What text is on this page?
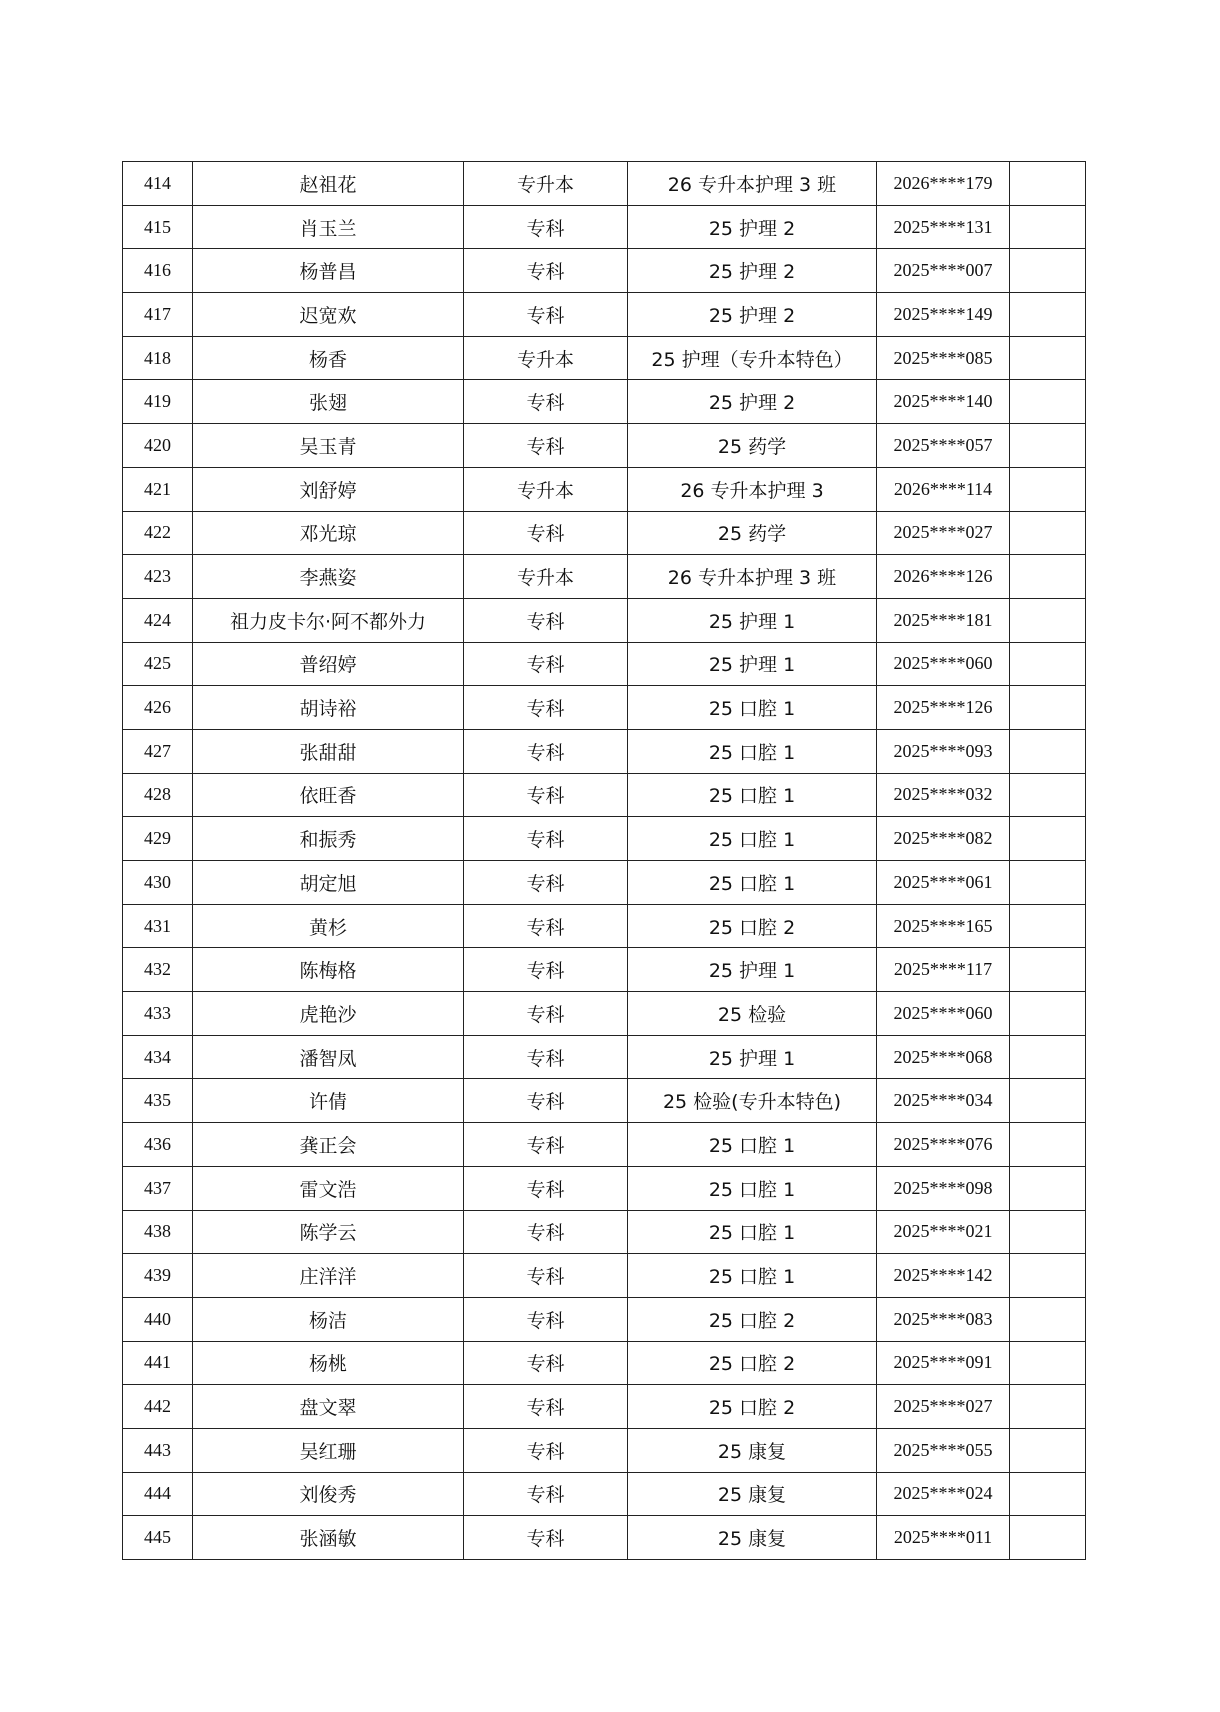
414	赵祖花	专升本	26 专升本护理 3 班	2026****179	
415	肖玉兰	专科	25 护理 2	2025****131	
416	杨普昌	专科	25 护理 2	2025****007	
417	迟宽欢	专科	25 护理 2	2025****149	
418	杨香	专升本	25 护理（专升本特色）	2025****085	
419	张翅	专科	25 护理 2	2025****140	
420	吴玉青	专科	25 药学	2025****057	
421	刘舒婷	专升本	26 专升本护理 3	2026****114	
422	邓光琼	专科	25 药学	2025****027	
423	李燕姿	专升本	26 专升本护理 3 班	2026****126	
424	祖力皮卡尔·阿不都外力	专科	25 护理 1	2025****181	
425	普绍婷	专科	25 护理 1	2025****060	
426	胡诗裕	专科	25 口腔 1	2025****126	
427	张甜甜	专科	25 口腔 1	2025****093	
428	依旺香	专科	25 口腔 1	2025****032	
429	和振秀	专科	25 口腔 1	2025****082	
430	胡定旭	专科	25 口腔 1	2025****061	
431	黄杉	专科	25 口腔 2	2025****165	
432	陈梅格	专科	25 护理 1	2025****117	
433	虎艳沙	专科	25 检验	2025****060	
434	潘智凤	专科	25 护理 1	2025****068	
435	许倩	专科	25 检验(专升本特色)	2025****034	
436	龚正会	专科	25 口腔 1	2025****076	
437	雷文浩	专科	25 口腔 1	2025****098	
438	陈学云	专科	25 口腔 1	2025****021	
439	庄洋洋	专科	25 口腔 1	2025****142	
440	杨洁	专科	25 口腔 2	2025****083	
441	杨桃	专科	25 口腔 2	2025****091	
442	盘文翠	专科	25 口腔 2	2025****027	
443	吴红珊	专科	25 康复	2025****055	
444	刘俊秀	专科	25 康复	2025****024	
445	张涵敏	专科	25 康复	2025****011	
